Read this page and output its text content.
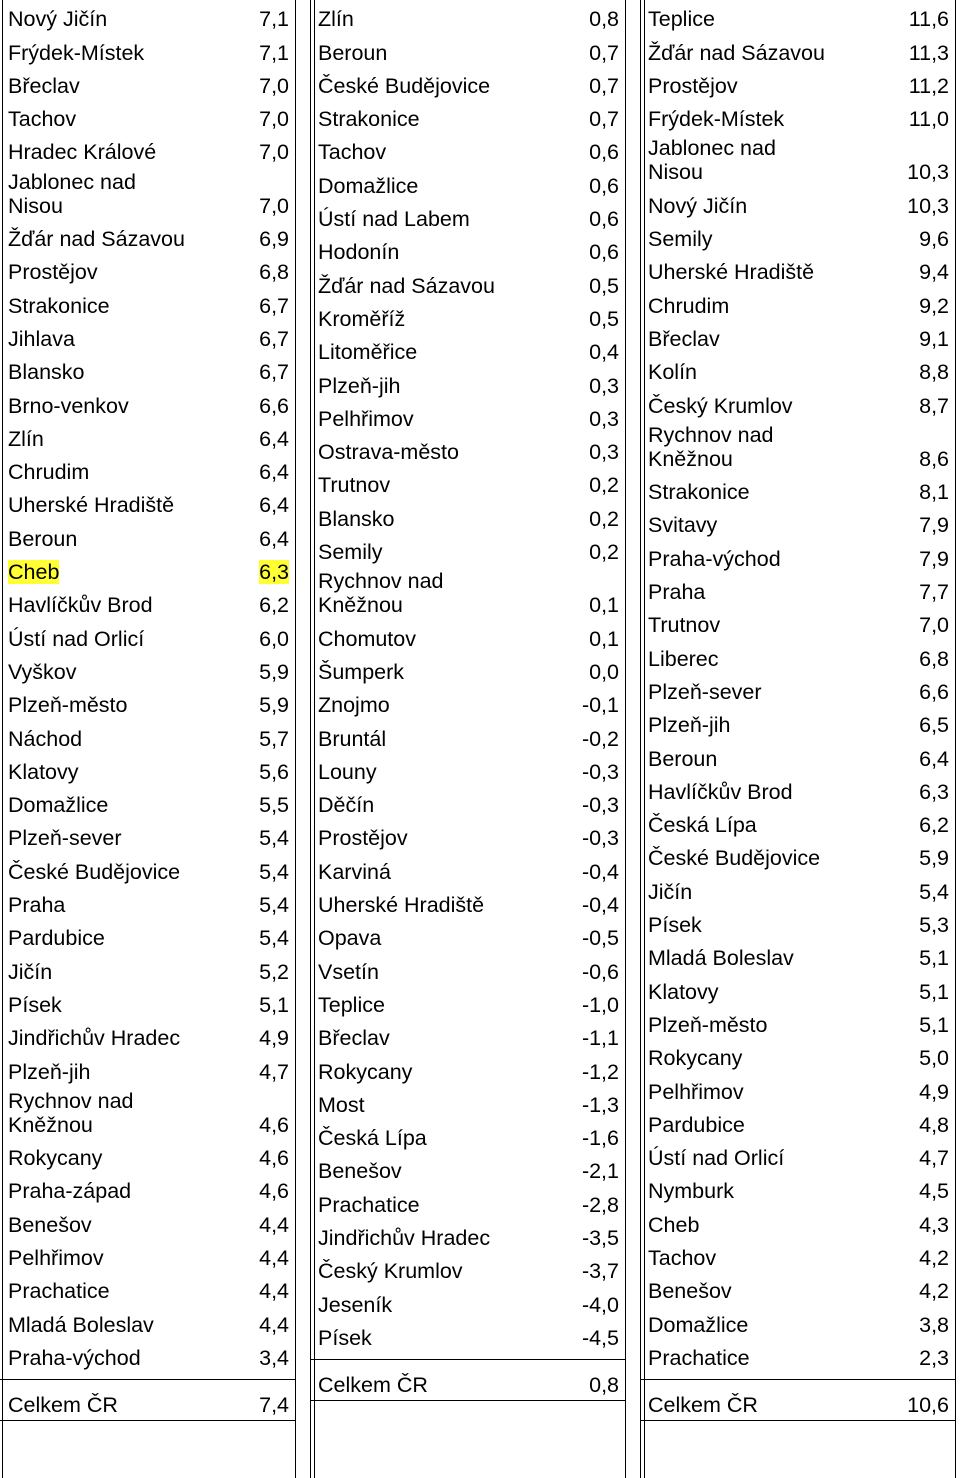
Nový Jičín	7,1
Frýdek-Místek	7,1
Břeclav	7,0
Tachov	7,0
Hradec Králové	7,0
Jablonec nad
Nisou	7,0
Žďár nad Sázavou	6,9
Prostějov	6,8
Strakonice	6,7
Jihlava	6,7
Blansko	6,7
Brno-venkov	6,6
Zlín	6,4
Chrudim	6,4
Uherské Hradiště	6,4
Beroun	6,4
Cheb	6,3
Havlíčkův Brod	6,2
Ústí nad Orlicí	6,0
Vyškov	5,9
Plzeň-město	5,9
Náchod	5,7
Klatovy	5,6
Domažlice	5,5
Plzeň-sever	5,4
České Budějovice	5,4
Praha	5,4
Pardubice	5,4
Jičín	5,2
Písek	5,1
Jindřichův Hradec	4,9
Plzeň-jih	4,7
Rychnov nad
Kněžnou	4,6
Rokycany	4,6
Praha-západ	4,6
Benešov	4,4
Pelhřimov	4,4
Prachatice	4,4
Mladá Boleslav	4,4
Praha-východ	3,4

Celkem ČR	7,4
Zlín	0,8
Beroun	0,7
České Budějovice	0,7
Strakonice	0,7
Tachov	0,6
Domažlice	0,6
Ústí nad Labem	0,6
Hodonín	0,6
Žďár nad Sázavou	0,5
Kroměříž	0,5
Litoměřice	0,4
Plzeň-jih	0,3
Pelhřimov	0,3
Ostrava-město	0,3
Trutnov	0,2
Blansko	0,2
Semily	0,2
Rychnov nad
Kněžnou	0,1
Chomutov	0,1
Šumperk	0,0
Znojmo	-0,1
Bruntál	-0,2
Louny	-0,3
Děčín	-0,3
Prostějov	-0,3
Karviná	-0,4
Uherské Hradiště	-0,4
Opava	-0,5
Vsetín	-0,6
Teplice	-1,0
Břeclav	-1,1
Rokycany	-1,2
Most	-1,3
Česká Lípa	-1,6
Benešov	-2,1
Prachatice	-2,8
Jindřichův Hradec	-3,5
Český Krumlov	-3,7
Jeseník	-4,0
Písek	-4,5

Celkem ČR	0,8
Teplice	11,6
Žďár nad Sázavou	11,3
Prostějov	11,2
Frýdek-Místek	11,0
Jablonec nad
Nisou	10,3
Nový Jičín	10,3
Semily	9,6
Uherské Hradiště	9,4
Chrudim	9,2
Břeclav	9,1
Kolín	8,8
Český Krumlov	8,7
Rychnov nad
Kněžnou	8,6
Strakonice	8,1
Svitavy	7,9
Praha-východ	7,9
Praha	7,7
Trutnov	7,0
Liberec	6,8
Plzeň-sever	6,6
Plzeň-jih	6,5
Beroun	6,4
Havlíčkův Brod	6,3
Česká Lípa	6,2
České Budějovice	5,9
Jičín	5,4
Písek	5,3
Mladá Boleslav	5,1
Klatovy	5,1
Plzeň-město	5,1
Rokycany	5,0
Pelhřimov	4,9
Pardubice	4,8
Ústí nad Orlicí	4,7
Nymburk	4,5
Cheb	4,3
Tachov	4,2
Benešov	4,2
Domažlice	3,8
Prachatice	2,3

Celkem ČR	10,6
